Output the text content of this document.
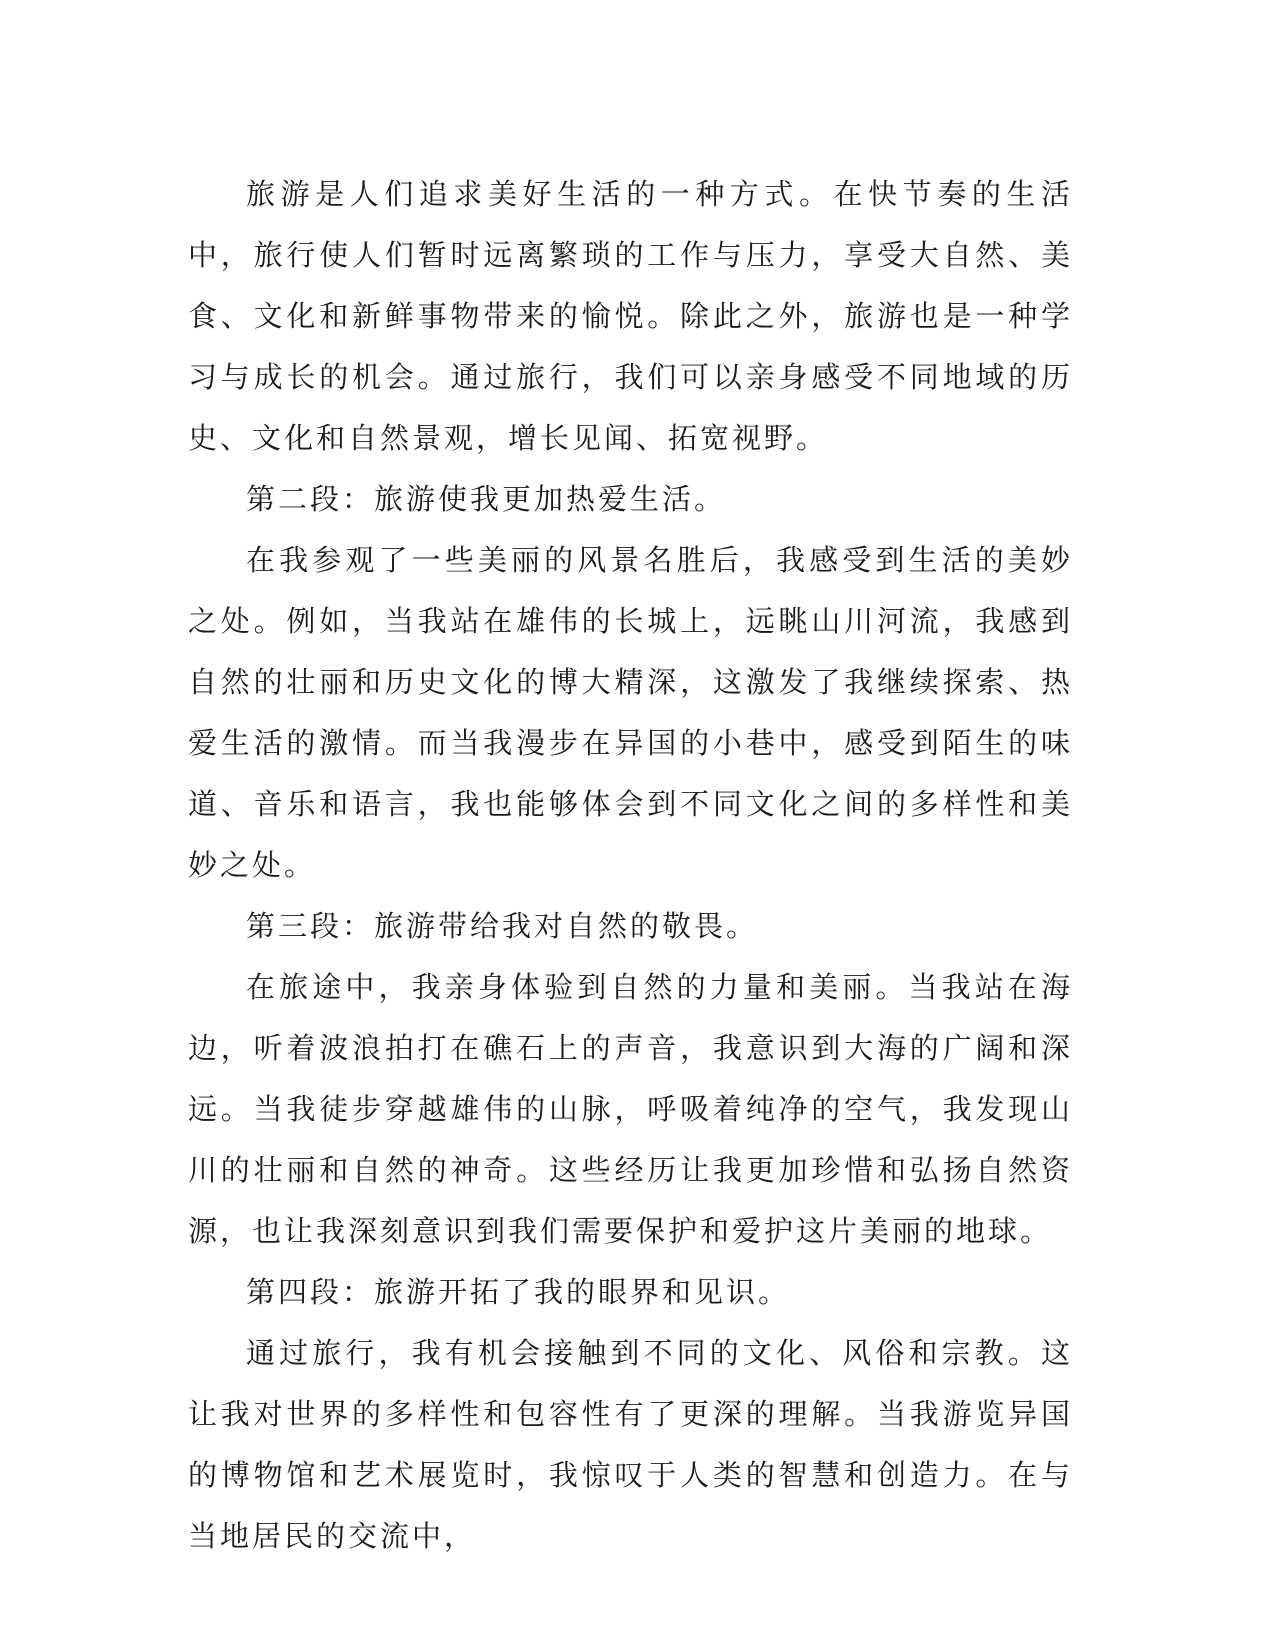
旅游是人们追求美好生活的一种方式。在快节奏的生活中，旅行使人们暂时远离繁琐的工作与压力，享受大自然、美食、文化和新鲜事物带来的愉悦。除此之外，旅游也是一种学习与成长的机会。通过旅行，我们可以亲身感受不同地域的历史、文化和自然景观，增长见闻、拓宽视野。

第二段：旅游使我更加热爱生活。

在我参观了一些美丽的风景名胜后，我感受到生活的美妙之处。例如，当我站在雄伟的长城上，远眺山川河流，我感到自然的壮丽和历史文化的博大精深，这激发了我继续探索、热爱生活的激情。而当我漫步在异国的小巷中，感受到陌生的味道、音乐和语言，我也能够体会到不同文化之间的多样性和美妙之处。

第三段：旅游带给我对自然的敬畏。

在旅途中，我亲身体验到自然的力量和美丽。当我站在海边，听着波浪拍打在礁石上的声音，我意识到大海的广阔和深远。当我徒步穿越雄伟的山脉，呼吸着纯净的空气，我发现山川的壮丽和自然的神奇。这些经历让我更加珍惜和弘扬自然资源，也让我深刻意识到我们需要保护和爱护这片美丽的地球。

第四段：旅游开拓了我的眼界和见识。

通过旅行，我有机会接触到不同的文化、风俗和宗教。这让我对世界的多样性和包容性有了更深的理解。当我游览异国的博物馆和艺术展览时，我惊叹于人类的智慧和创造力。在与当地居民的交流中，
